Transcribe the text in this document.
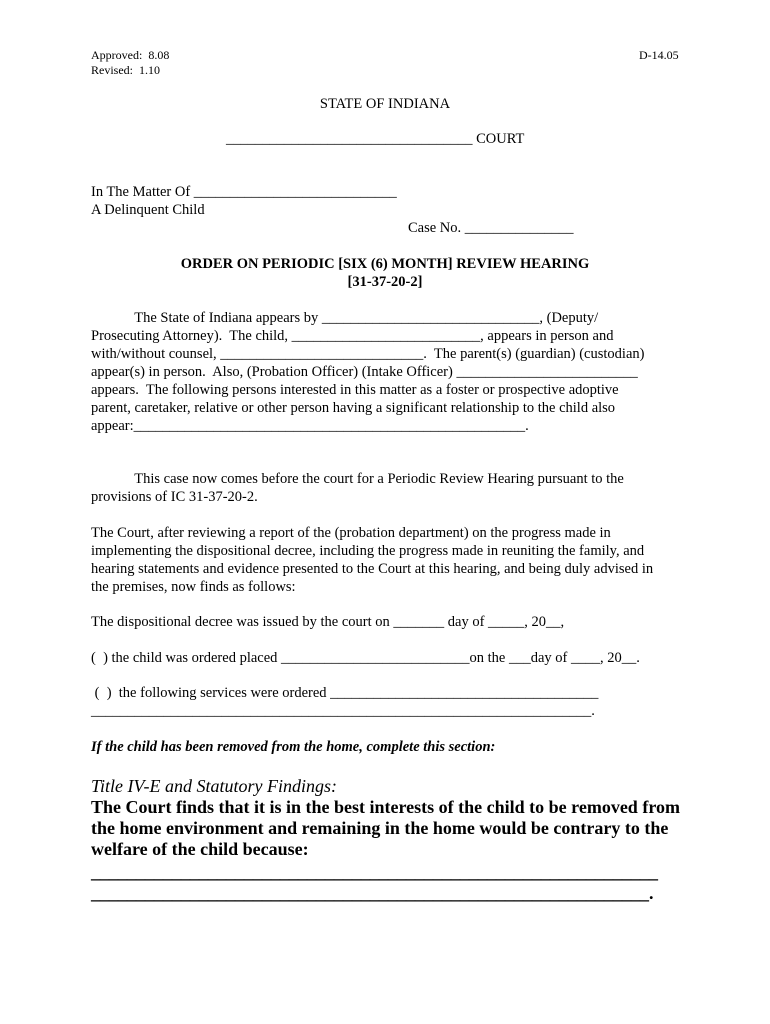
Approved:  8.08
Revised:  1.10
D-14.05
STATE OF INDIANA
__________________________________ COURT
In The Matter Of ____________________________
A Delinquent Child
Case No. _______________
ORDER ON PERIODIC [SIX (6) MONTH] REVIEW HEARING
[31-37-20-2]
The State of Indiana appears by ______________________________, (Deputy/
Prosecuting Attorney).  The child, __________________________, appears in person and
with/without counsel, ____________________________.  The parent(s) (guardian) (custodian)
appear(s) in person.  Also, (Probation Officer) (Intake Officer) _________________________
appears.  The following persons interested in this matter as a foster or prospective adoptive
parent, caretaker, relative or other person having a significant relationship to the child also
appear:______________________________________________________.
This case now comes before the court for a Periodic Review Hearing pursuant to the
provisions of IC 31-37-20-2.
The Court, after reviewing a report of the (probation department) on the progress made in
implementing the dispositional decree, including the progress made in reuniting the family, and
hearing statements and evidence presented to the Court at this hearing, and being duly advised in
the premises, now finds as follows:
The dispositional decree was issued by the court on _______ day of _____, 20__,
(  ) the child was ordered placed __________________________on the ___day of ____, 20__.
(  )  the following services were ordered _____________________________________
_____________________________________________________________________.
If the child has been removed from the home, complete this section:
Title IV-E and Statutory Findings:
The Court finds that it is in the best interests of the child to be removed from the home environment and remaining in the home would be contrary to the welfare of the child because:
_______________________________________________________________
______________________________________________________________.
